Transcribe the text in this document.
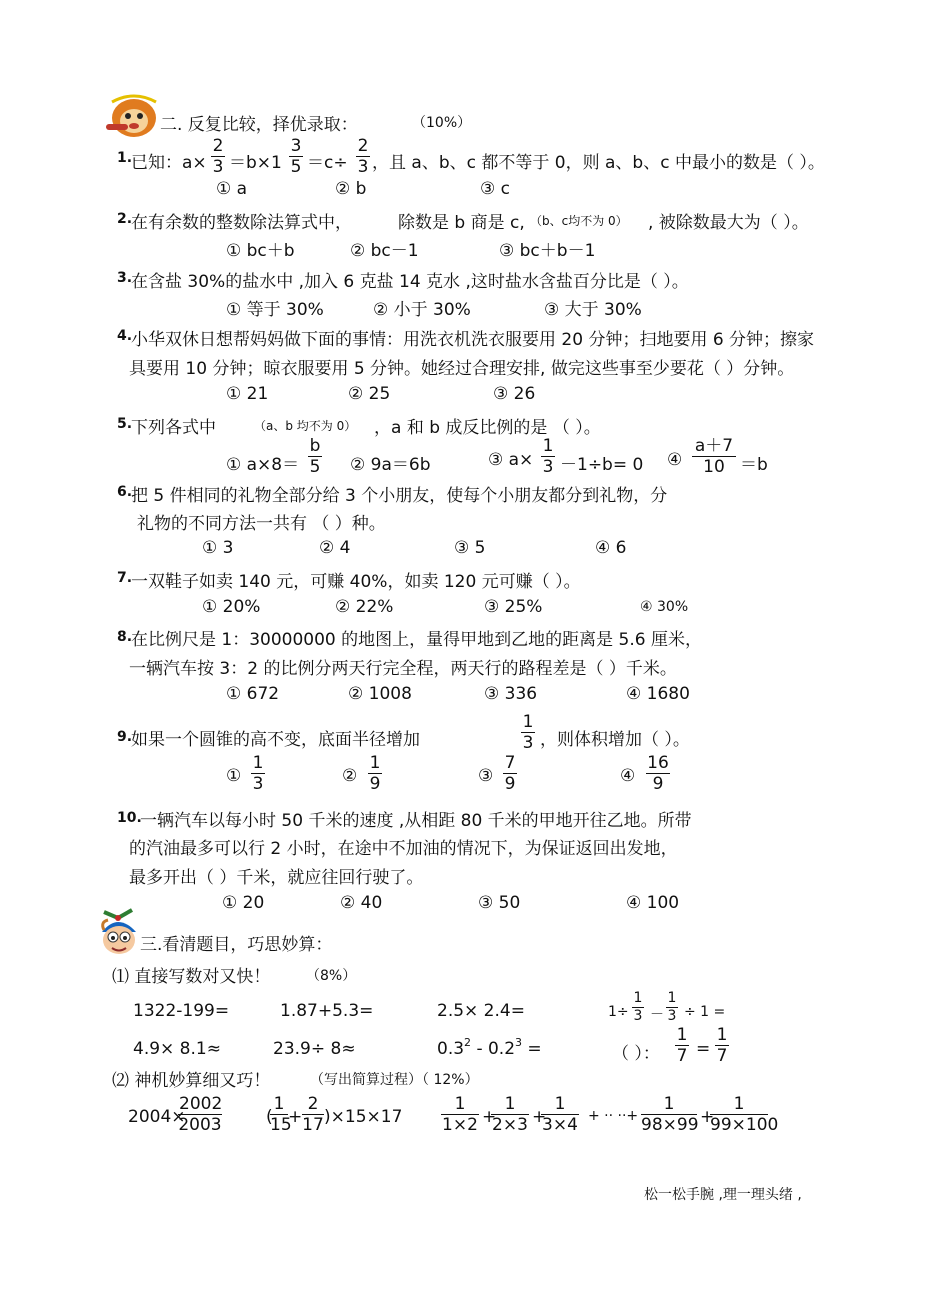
二. 反复比较，择优录取：	（10%）
1.
已知：$a\times \frac{2}{3} =b\times 1 \frac{3}{5} =c\div \frac{2}{3}$ ，且 a、b、c 都不等于 0，则 a、b、c 中最小的数是（ ）。
① a	② b	③ c
2.
在有余数的整数除法算式中，	除数是 b 商是 c, （b、c均不为 0） , 被除数最大为（ ）。
① bc＋b	② bc－1	③ bc＋b－1
3.
在含盐 30%的盐水中 ,加入 6 克盐 14 克水 ,这时盐水含盐百分比是（ ）。
① 等于 30%	② 小于 30%	③ 大于 30%
4.
小华双休日想帮妈妈做下面的事情：用洗衣机洗衣服要用 20 分钟；扫地要用 6 分钟；擦家
具要用 10 分钟；晾衣服要用 5 分钟。她经过合理安排, 做完这些事至少要花（ ）分钟。
① 21	② 25	③ 26
5.
下列各式中	（a、b 均不为 0） ，a 和 b 成反比例的是 （ ）。
① $a\times 8= \frac{b}{5}$ ② 9a＝6b	③ $a\times \frac{1}{3} -1\div b= 0$ ④ $\frac{a+7}{10} =b$
6.
把 5 件相同的礼物全部分给 3 个小朋友，使每个小朋友都分到礼物，分
礼物的不同方法一共有 （ ）种。
① 3	② 4	③ 5	④ 6
7.
一双鞋子如卖 140 元，可赚 40%，如卖 120 元可赚（ ）。
① 20%	② 22%	③ 25%	④ 30%
8.
在比例尺是 1：30000000 的地图上，量得甲地到乙地的距离是 5.6 厘米，
一辆汽车按 3：2 的比例分两天行完全程，两天行的路程差是（ ）千米。
① 672	② 1008	③ 336	④ 1680
9.
如果一个圆锥的高不变，底面半径增加	$\frac{1}{3}$ ，则体积增加（ ）。
① $\frac{1}{3}$	② $\frac{1}{9}$	③ $\frac{7}{9}$	④ $\frac{16}{9}$
10.
一辆汽车以每小时 50 千米的速度 ,从相距 80 千米的甲地开往乙地。所带
的汽油最多可以行 2 小时，在途中不加油的情况下，为保证返回出发地，
最多开出（ ）千米，就应往回行驶了。
① 20	② 40	③ 50	④ 100
三.看清题目，巧思妙算：
⑴ 直接写数对又快！	（8%）
1322-199=	1.87+5.3=	2.5× 2.4=	$1\div \frac{1}{3} - \frac{1}{3} \div 1$ =
4.9× 8.1≈	23.9÷ 8≈	$0.3^2 - 0.2^3$ =	（ ）： $\frac{1}{7} = \frac{1}{7}$
⑵ 神机妙算细又巧！	（写出简算过程）（ 12%）
2004×
$\frac{2002}{2003}$	(
$\frac{1}{15} + \frac{2}{17} )\times 15\times 17 \frac{1}{1\times 2}$ +
$\frac{1}{2\times 3}$ +
$\frac{1}{3\times 4}$ + ·· ··+ $\frac{1}{98\times 99}$ +
$\frac{1}{99\times 100}$
松一松手腕 ,理一理头绪 ,
